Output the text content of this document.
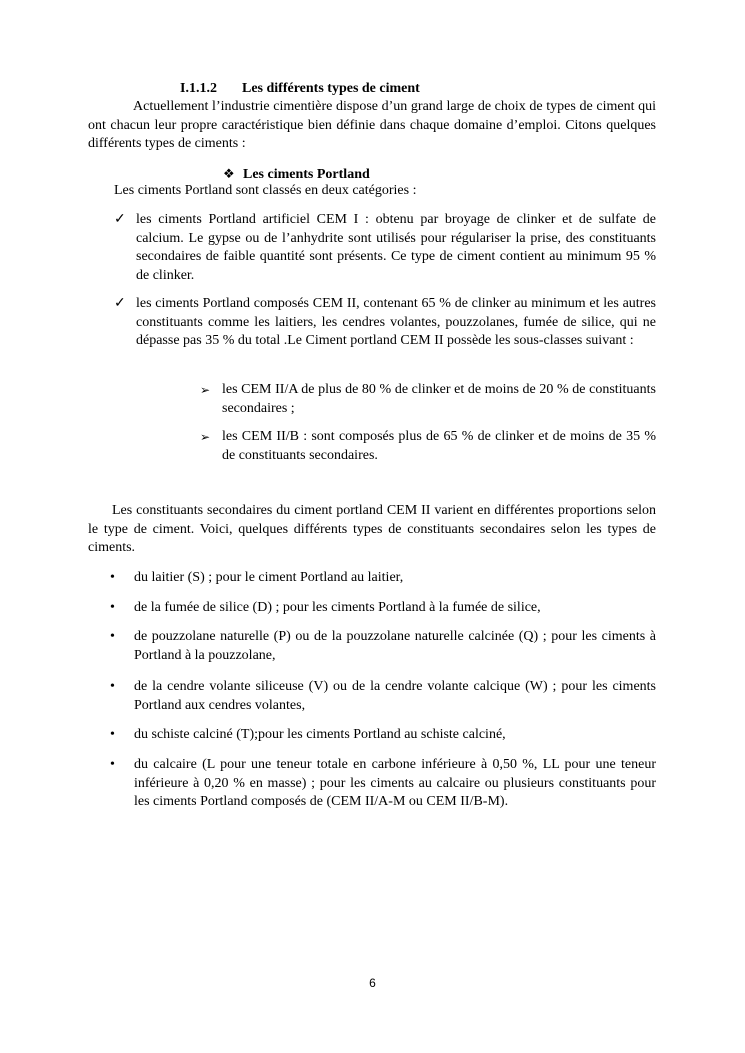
I.1.1.2 Les différents types de ciment

Actuellement l’industrie cimentière dispose d’un grand large de choix de types de ciment qui ont chacun leur propre caractéristique bien définie dans chaque domaine d’emploi. Citons quelques différents types de ciments :

❖ Les ciments Portland

Les ciments Portland sont classés en deux catégories :

✓ les ciments Portland artificiel CEM I : obtenu par broyage de clinker et de sulfate de calcium. Le gypse ou de l’anhydrite sont utilisés pour régulariser la prise, des constituants secondaires de faible quantité sont présents. Ce type de ciment contient au minimum 95 % de clinker.

✓ les ciments Portland composés CEM II, contenant 65 % de clinker au minimum et les autres constituants comme les laitiers, les cendres volantes, pouzzolanes, fumée de silice, qui ne dépasse pas 35 % du total .Le Ciment portland CEM II possède les sous-classes suivant :

➢ les CEM II/A de plus de 80 % de clinker et de moins de 20 % de constituants secondaires ;

➢ les CEM II/B : sont composés plus de 65 % de clinker et de moins de 35 % de constituants secondaires.

Les constituants secondaires du ciment portland CEM II varient en différentes proportions selon le type de ciment. Voici, quelques différents types de constituants secondaires selon les types de ciments.

• du laitier (S) ; pour le ciment Portland au laitier,

• de la fumée de silice (D) ; pour les ciments Portland à la fumée de silice,

• de pouzzolane naturelle (P) ou de la pouzzolane naturelle calcinée (Q) ; pour les ciments à Portland à la pouzzolane,

• de la cendre volante siliceuse (V) ou de la cendre volante calcique (W) ; pour les ciments Portland aux cendres volantes,

• du schiste calciné (T);pour les ciments Portland au schiste calciné,

• du calcaire (L pour une teneur totale en carbone inférieure à 0,50 %, LL pour une teneur inférieure à 0,20 % en masse) ; pour les ciments au calcaire ou plusieurs constituants pour les ciments Portland composés de (CEM II/A-M ou CEM II/B-M).

6
